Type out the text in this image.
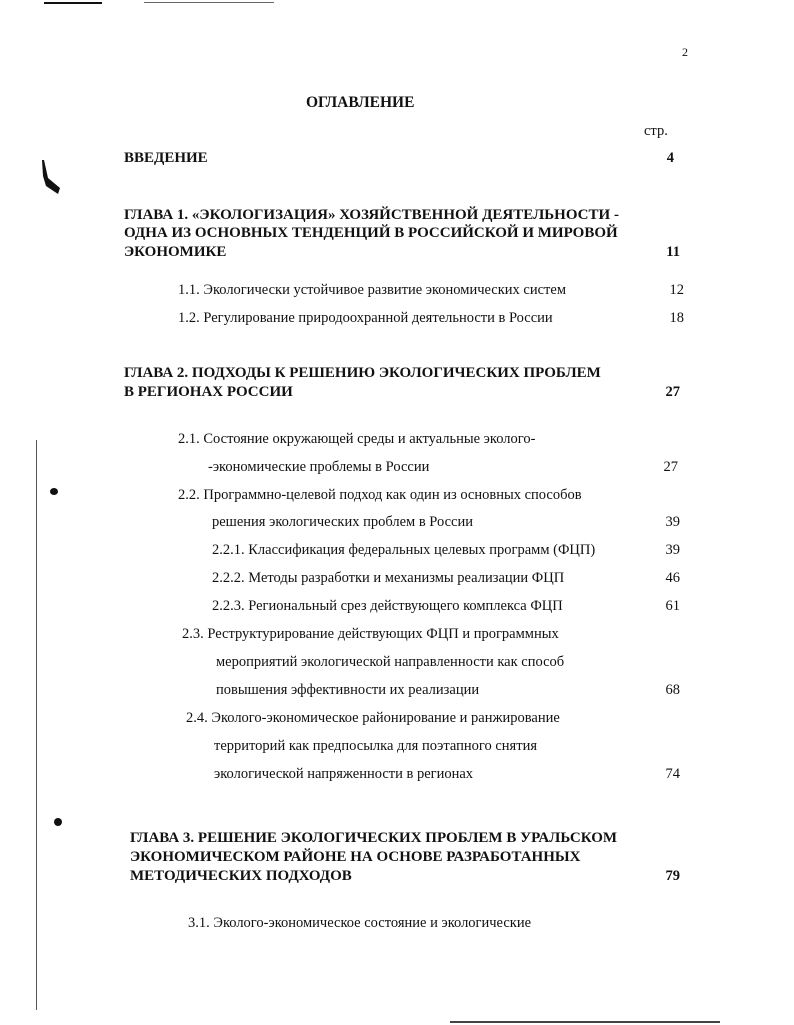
2
ОГЛАВЛЕНИЕ
стр.
ВВЕДЕНИЕ	4
ГЛАВА 1. «ЭКОЛОГИЗАЦИЯ» ХОЗЯЙСТВЕННОЙ ДЕЯТЕЛЬНОСТИ -
ОДНА ИЗ ОСНОВНЫХ ТЕНДЕНЦИЙ В РОССИЙСКОЙ И МИРОВОЙ
ЭКОНОМИКЕ	11
1.1. Экологически устойчивое развитие экономических систем	12
1.2. Регулирование природоохранной деятельности в России	18
ГЛАВА 2. ПОДХОДЫ К РЕШЕНИЮ ЭКОЛОГИЧЕСКИХ ПРОБЛЕМ
В РЕГИОНАХ РОССИИ	27
2.1. Состояние окружающей среды и актуальные эколого-
-экономические проблемы в России	27
2.2. Программно-целевой подход как один из основных способов
решения экологических проблем в России	39
2.2.1. Классификация федеральных целевых программ (ФЦП)	39
2.2.2. Методы разработки и механизмы реализации ФЦП	46
2.2.3. Региональный срез действующего комплекса ФЦП	61
2.3. Реструктурирование действующих ФЦП и программных
мероприятий экологической направленности как способ
повышения эффективности их реализации	68
2.4. Эколого-экономическое районирование и ранжирование
территорий как предпосылка для поэтапного снятия
экологической напряженности в регионах	74
ГЛАВА 3. РЕШЕНИЕ ЭКОЛОГИЧЕСКИХ ПРОБЛЕМ В УРАЛЬСКОМ
ЭКОНОМИЧЕСКОМ РАЙОНЕ НА ОСНОВЕ РАЗРАБОТАННЫХ
МЕТОДИЧЕСКИХ ПОДХОДОВ	79
3.1. Эколого-экономическое состояние и экологические
